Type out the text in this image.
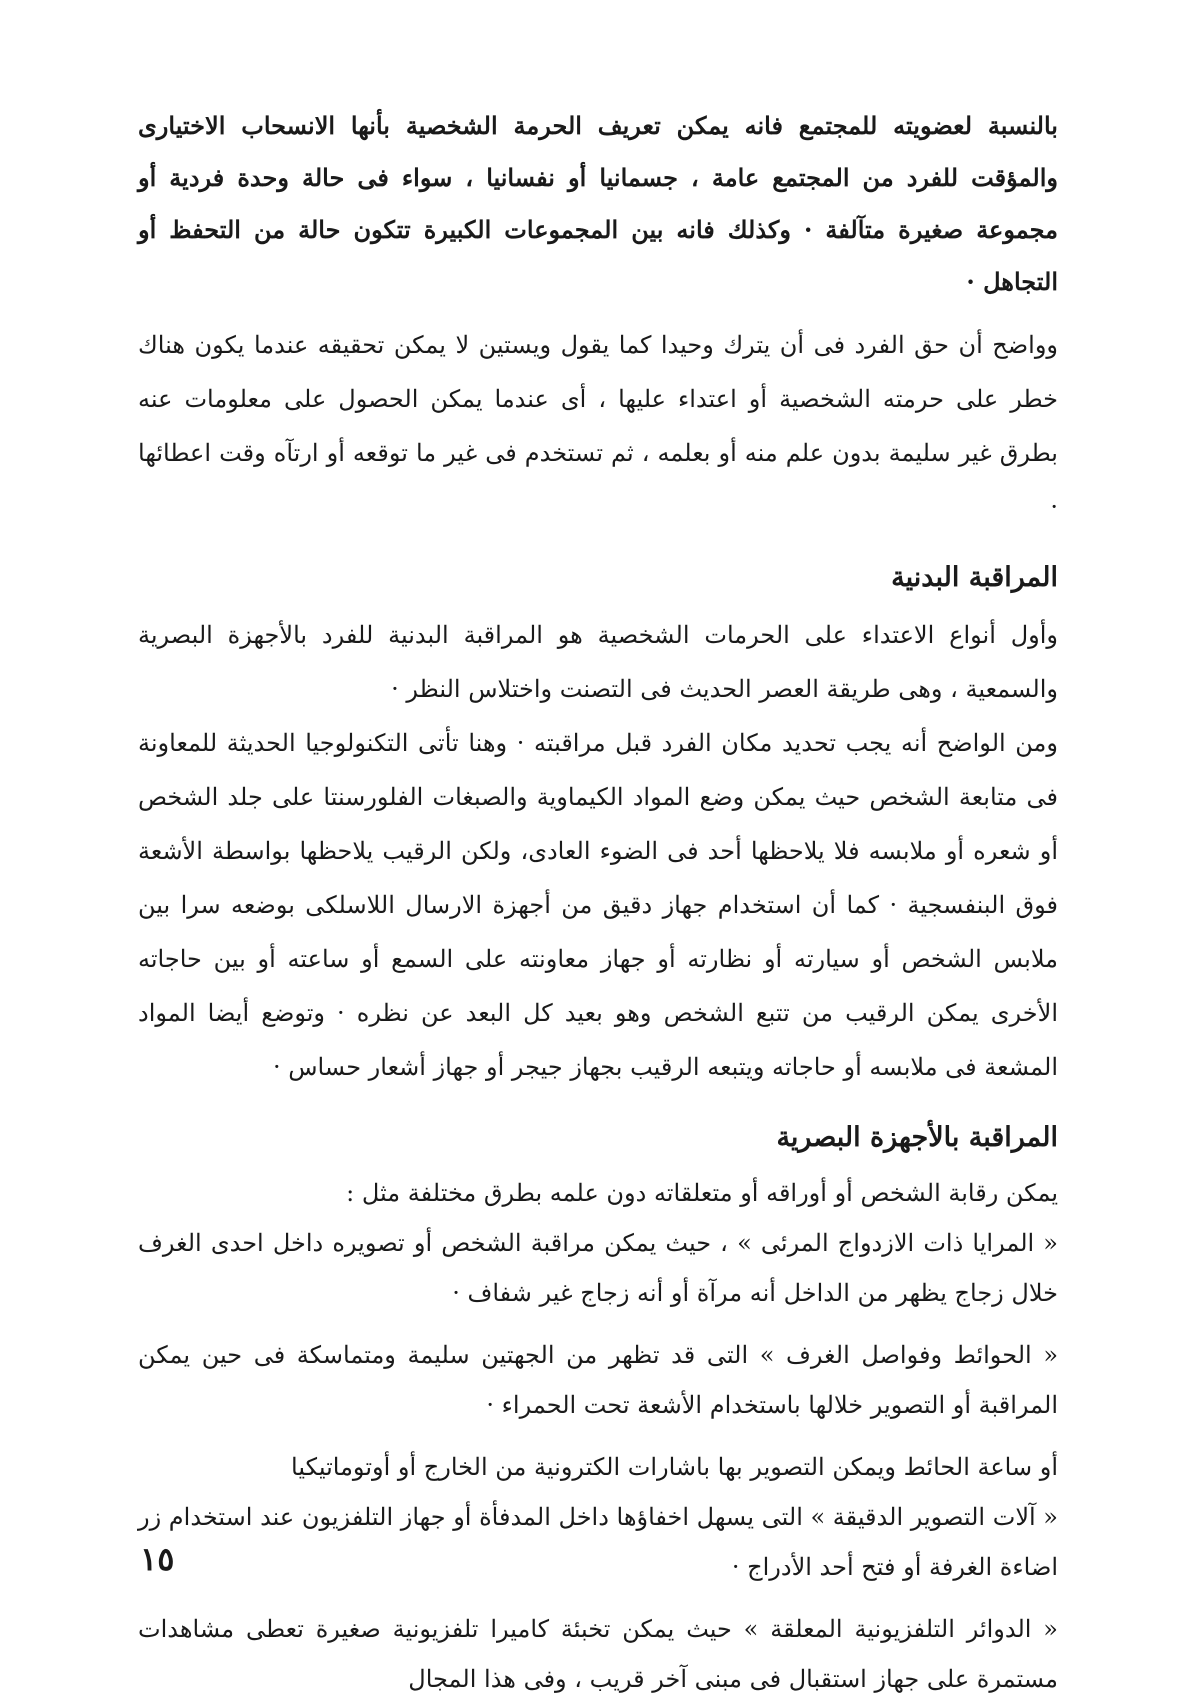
بالنسبة لعضويته للمجتمع فانه يمكن تعريف الحرمة الشخصية بأنها الانسحاب الاختيارى والمؤقت للفرد من المجتمع عامة ، جسمانيا أو نفسانيا ، سواء فى حالة وحدة فردية أو مجموعة صغيرة متآلفة · وكذلك فانه بين المجموعات الكبيرة تتكون حالة من التحفظ أو التجاهل ·

وواضح أن حق الفرد فى أن يترك وحيدا كما يقول ويستين لا يمكن تحقيقه عندما يكون هناك خطر على حرمته الشخصية أو اعتداء عليها ، أى عندما يمكن الحصول على معلومات عنه بطرق غير سليمة بدون علم منه أو بعلمه ، ثم تستخدم فى غير ما توقعه أو ارتآه وقت اعطائها ·

المراقبة البدنية

وأول أنواع الاعتداء على الحرمات الشخصية هو المراقبة البدنية للفرد بالأجهزة البصرية والسمعية ، وهى طريقة العصر الحديث فى التصنت واختلاس النظر ·

ومن الواضح أنه يجب تحديد مكان الفرد قبل مراقبته · وهنا تأتى التكنولوجيا الحديثة للمعاونة فى متابعة الشخص حيث يمكن وضع المواد الكيماوية والصبغات الفلورسنتا على جلد الشخص أو شعره أو ملابسه فلا يلاحظها أحد فى الضوء العادى، ولكن الرقيب يلاحظها بواسطة الأشعة فوق البنفسجية · كما أن استخدام جهاز دقيق من أجهزة الارسال اللاسلكى بوضعه سرا بين ملابس الشخص أو سيارته أو نظارته أو جهاز معاونته على السمع أو ساعته أو بين حاجاته الأخرى يمكن الرقيب من تتبع الشخص وهو بعيد كل البعد عن نظره · وتوضع أيضا المواد المشعة فى ملابسه أو حاجاته ويتبعه الرقيب بجهاز جيجر أو جهاز أشعار حساس ·

المراقبة بالأجهزة البصرية

يمكن رقابة الشخص أو أوراقه أو متعلقاته دون علمه بطرق مختلفة مثل :

« المرايا ذات الازدواج المرئى » ، حيث يمكن مراقبة الشخص أو تصويره داخل احدى الغرف خلال زجاج يظهر من الداخل أنه مرآة أو أنه زجاج غير شفاف ·

« الحوائط وفواصل الغرف » التى قد تظهر من الجهتين سليمة ومتماسكة فى حين يمكن المراقبة أو التصوير خلالها باستخدام الأشعة تحت الحمراء ·

أو ساعة الحائط ويمكن التصوير بها باشارات الكترونية من الخارج أو أوتوماتيكيا

« آلات التصوير الدقيقة » التى يسهل اخفاؤها داخل المدفأة أو جهاز التلفزيون عند استخدام زر اضاءة الغرفة أو فتح أحد الأدراج ·

« الدوائر التلفزيونية المعلقة » حيث يمكن تخبئة كاميرا تلفزيونية صغيرة تعطى مشاهدات مستمرة على جهاز استقبال فى مبنى آخر قريب ، وفى هذا المجال

١٥
